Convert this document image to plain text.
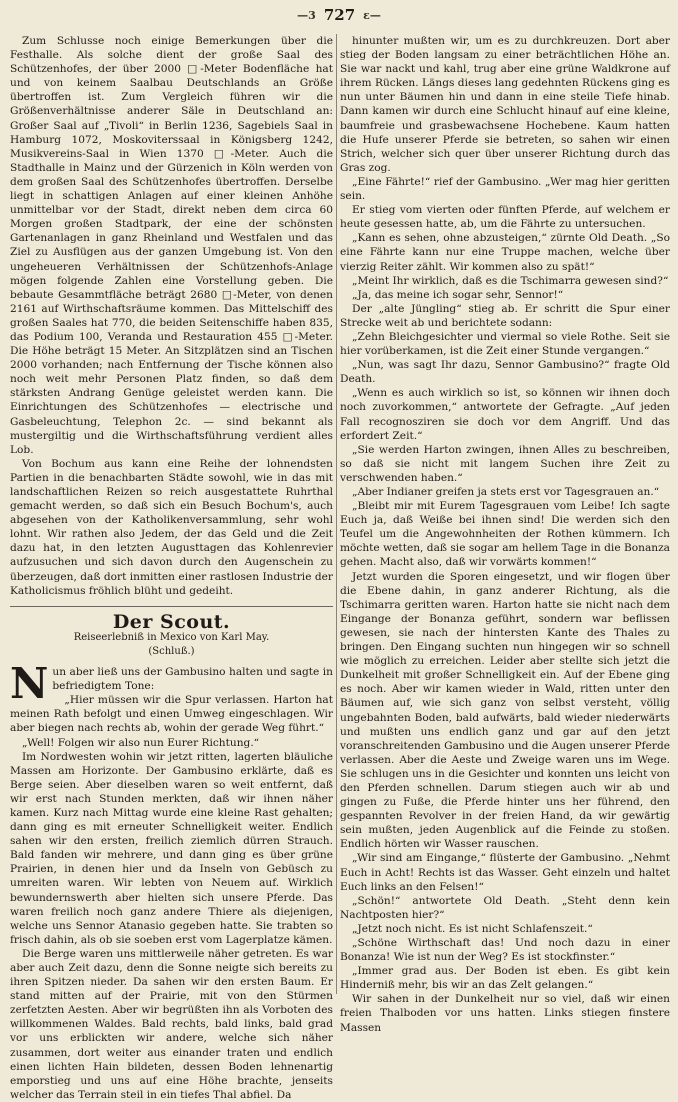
—3 727 ε—

Zum Schlusse noch einige Bemerkungen über die Festhalle. Als solche dient der große Saal des Schützenhofes, der über 2000 □-Meter Bodenfläche hat und von keinem Saalbau Deutschlands an Größe übertroffen ist. Zum Vergleich führen wir die Größenverhältnisse anderer Säle in Deutschland an: Großer Saal auf „Tivoli“ in Berlin 1236, Sagebiels Saal in Hamburg 1072, Moskoviterssaal in Königsberg 1242, Musikvereins-Saal in Wien 1370 □-Meter. Auch die Stadthalle in Mainz und der Gürzenich in Köln werden von dem großen Saal des Schützenhofes übertroffen. Derselbe liegt in schattigen Anlagen auf einer kleinen Anhöhe unmittelbar vor der Stadt, direkt neben dem circa 60 Morgen großen Stadtpark, der eine der schönsten Gartenanlagen in ganz Rheinland und Westfalen und das Ziel zu Ausflügen aus der ganzen Umgebung ist. Von den ungeheueren Verhältnissen der Schützenhofs-Anlage mögen folgende Zahlen eine Vorstellung geben. Die bebaute Gesammtfläche beträgt 2680 □-Meter, von denen 2161 auf Wirthschaftsräume kommen. Das Mittelschiff des großen Saales hat 770, die beiden Seitenschiffe haben 835, das Podium 100, Veranda und Restauration 455 □-Meter. Die Höhe beträgt 15 Meter. An Sitzplätzen sind an Tischen 2000 vorhanden; nach Entfernung der Tische können also noch weit mehr Personen Platz finden, so daß dem stärksten Andrang Genüge geleistet werden kann. Die Einrichtungen des Schützenhofes — electrische und Gasbeleuchtung, Telephon 2c. — sind bekannt als mustergiltig und die Wirthschaftsführung verdient alles Lob.

Von Bochum aus kann eine Reihe der lohnendsten Partien in die benachbarten Städte sowohl, wie in das mit landschaftlichen Reizen so reich ausgestattete Ruhrthal gemacht werden, so daß sich ein Besuch Bochum's, auch abgesehen von der Katholikenversammlung, sehr wohl lohnt. Wir rathen also Jedem, der das Geld und die Zeit dazu hat, in den letzten Augusttagen das Kohlenrevier aufzusuchen und sich davon durch den Augenschein zu überzeugen, daß dort inmitten einer rastlosen Industrie der Katholicismus fröhlich blüht und gedeiht.

Der Scout.
Reiseerlebniß in Mexico von Karl May.
(Schluß.)

Nun aber ließ uns der Gambusino halten und sagte in befriedigtem Tone:

„Hier müssen wir die Spur verlassen. Harton hat meinen Rath befolgt und einen Umweg eingeschlagen. Wir aber biegen nach rechts ab, wohin der gerade Weg führt.“

„Well! Folgen wir also nun Eurer Richtung.“

Im Nordwesten wohin wir jetzt ritten, lagerten bläuliche Massen am Horizonte. Der Gambusino erklärte, daß es Berge seien. Aber dieselben waren so weit entfernt, daß wir erst nach Stunden merkten, daß wir ihnen näher kamen. Kurz nach Mittag wurde eine kleine Rast gehalten; dann ging es mit erneuter Schnelligkeit weiter. Endlich sahen wir den ersten, freilich ziemlich dürren Strauch. Bald fanden wir mehrere, und dann ging es über grüne Prairien, in denen hier und da Inseln von Gebüsch zu umreiten waren. Wir lebten von Neuem auf. Wirklich bewundernswerth aber hielten sich unsere Pferde. Das waren freilich noch ganz andere Thiere als diejenigen, welche uns Sennor Atanasio gegeben hatte. Sie trabten so frisch dahin, als ob sie soeben erst vom Lagerplatze kämen.

Die Berge waren uns mittlerweile näher getreten. Es war aber auch Zeit dazu, denn die Sonne neigte sich bereits zu ihren Spitzen nieder. Da sahen wir den ersten Baum. Er stand mitten auf der Prairie, mit von den Stürmen zerfetzten Aesten. Aber wir begrüßten ihn als Vorboten des willkommenen Waldes. Bald rechts, bald links, bald grad vor uns erblickten wir andere, welche sich näher zusammen, dort weiter aus einander traten und endlich einen lichten Hain bildeten, dessen Boden lehnenartig emporstieg und uns auf eine Höhe brachte, jenseits welcher das Terrain steil in ein tiefes Thal abfiel. Da

hinunter mußten wir, um es zu durchkreuzen. Dort aber stieg der Boden langsam zu einer beträchtlichen Höhe an. Sie war nackt und kahl, trug aber eine grüne Waldkrone auf ihrem Rücken. Längs dieses lang gedehnten Rückens ging es nun unter Bäumen hin und dann in eine steile Tiefe hinab. Dann kamen wir durch eine Schlucht hinauf auf eine kleine, baumfreie und grasbewachsene Hochebene. Kaum hatten die Hufe unserer Pferde sie betreten, so sahen wir einen Strich, welcher sich quer über unserer Richtung durch das Gras zog.

„Eine Fährte!“ rief der Gambusino. „Wer mag hier geritten sein.

Er stieg vom vierten oder fünften Pferde, auf welchem er heute gesessen hatte, ab, um die Fährte zu untersuchen.

„Kann es sehen, ohne abzusteigen,“ zürnte Old Death. „So eine Fährte kann nur eine Truppe machen, welche über vierzig Reiter zählt. Wir kommen also zu spät!“

„Meint Ihr wirklich, daß es die Tschimarra gewesen sind?“

„Ja, das meine ich sogar sehr, Sennor!“

Der „alte Jüngling“ stieg ab. Er schritt die Spur einer Strecke weit ab und berichtete sodann:

„Zehn Bleichgesichter und viermal so viele Rothe. Seit sie hier vorüberkamen, ist die Zeit einer Stunde vergangen.“

„Nun, was sagt Ihr dazu, Sennor Gambusino?“ fragte Old Death.

„Wenn es auch wirklich so ist, so können wir ihnen doch noch zuvorkommen,“ antwortete der Gefragte. „Auf jeden Fall recognosziren sie doch vor dem Angriff. Und das erfordert Zeit.“

„Sie werden Harton zwingen, ihnen Alles zu beschreiben, so daß sie nicht mit langem Suchen ihre Zeit zu verschwenden haben.“

„Aber Indianer greifen ja stets erst vor Tagesgrauen an.“

„Bleibt mir mit Eurem Tagesgrauen vom Leibe! Ich sagte Euch ja, daß Weiße bei ihnen sind! Die werden sich den Teufel um die Angewohnheiten der Rothen kümmern. Ich möchte wetten, daß sie sogar am hellem Tage in die Bonanza gehen. Macht also, daß wir vorwärts kommen!“

Jetzt wurden die Sporen eingesetzt, und wir flogen über die Ebene dahin, in ganz anderer Richtung, als die Tschimarra geritten waren. Harton hatte sie nicht nach dem Eingange der Bonanza geführt, sondern war beflissen gewesen, sie nach der hintersten Kante des Thales zu bringen. Den Eingang suchten nun hingegen wir so schnell wie möglich zu erreichen. Leider aber stellte sich jetzt die Dunkelheit mit großer Schnelligkeit ein. Auf der Ebene ging es noch. Aber wir kamen wieder in Wald, ritten unter den Bäumen auf, wie sich ganz von selbst versteht, völlig ungebahnten Boden, bald aufwärts, bald wieder niederwärts und mußten uns endlich ganz und gar auf den jetzt voranschreitenden Gambusino und die Augen unserer Pferde verlassen. Aber die Aeste und Zweige waren uns im Wege. Sie schlugen uns in die Gesichter und konnten uns leicht von den Pferden schnellen. Darum stiegen auch wir ab und gingen zu Fuße, die Pferde hinter uns her führend, den gespannten Revolver in der freien Hand, da wir gewärtig sein mußten, jeden Augenblick auf die Feinde zu stoßen. Endlich hörten wir Wasser rauschen.

„Wir sind am Eingange,“ flüsterte der Gambusino. „Nehmt Euch in Acht! Rechts ist das Wasser. Geht einzeln und haltet Euch links an den Felsen!“

„Schön!“ antwortete Old Death. „Steht denn kein Nachtposten hier?“

„Jetzt noch nicht. Es ist nicht Schlafenszeit.“

„Schöne Wirthschaft das! Und noch dazu in einer Bonanza! Wie ist nun der Weg? Es ist stockfinster.“

„Immer grad aus. Der Boden ist eben. Es gibt kein Hinderniß mehr, bis wir an das Zelt gelangen.“

Wir sahen in der Dunkelheit nur so viel, daß wir einen freien Thalboden vor uns hatten. Links stiegen finstere Massen
